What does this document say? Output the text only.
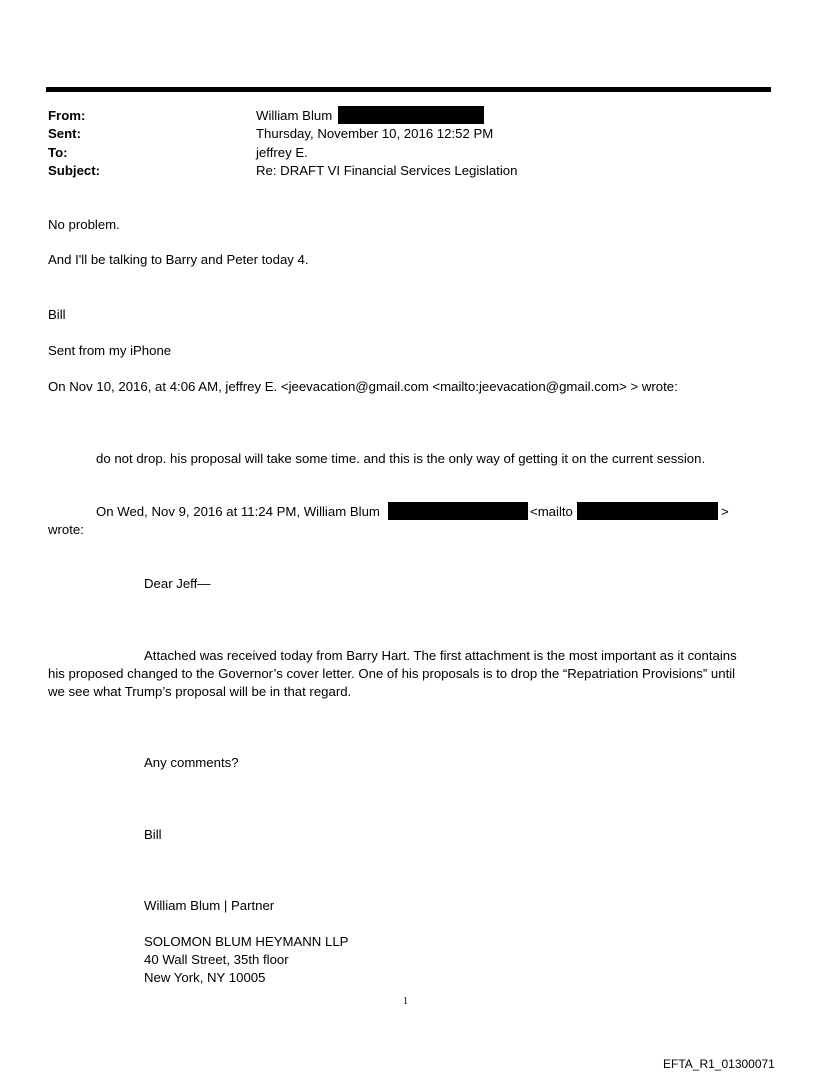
From:	William Blum
Sent:	Thursday, November 10, 2016 12:52 PM
To:	jeffrey E.
Subject:	Re: DRAFT VI Financial Services Legislation
No problem.
And I'll be talking to Barry and Peter today 4.
Bill
Sent from my iPhone
On Nov 10, 2016, at 4:06 AM, jeffrey E. <jeevacation@gmail.com <mailto:jeevacation@gmail.com> > wrote:
do not drop. his proposal will take some time. and this is the only way of getting it on the current session.
On Wed, Nov 9, 2016 at 11:24 PM, William Blum	<mailto	>
wrote:
Dear Jeff—
Attached was received today from Barry Hart. The first attachment is the most important as it contains
his proposed changed to the Governor’s cover letter. One of his proposals is to drop the “Repatriation Provisions” until
we see what Trump’s proposal will be in that regard.
Any comments?
Bill
William Blum | Partner
SOLOMON BLUM HEYMANN LLP
40 Wall Street, 35th floor
New York, NY 10005
1
EFTA_R1_01300071
